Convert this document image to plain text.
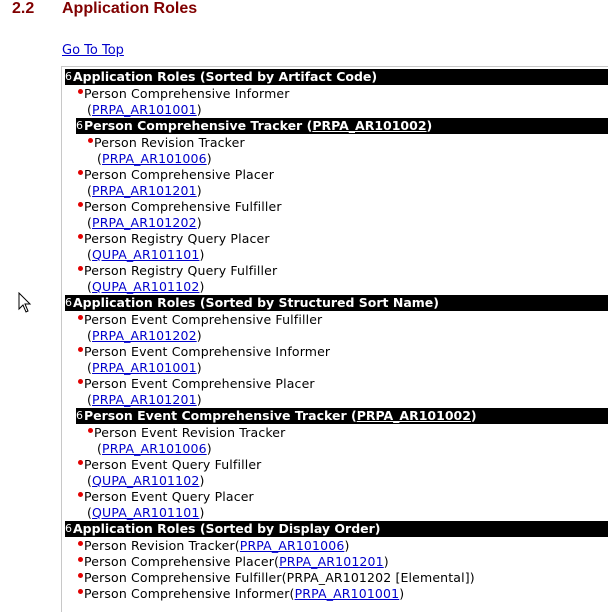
2.2 Application Roles
Go To Top
6Application Roles (Sorted by Artifact Code)
Person Comprehensive Informer
(PRPA_AR101001)
6Person Comprehensive Tracker (PRPA_AR101002)
Person Revision Tracker
(PRPA_AR101006)
Person Comprehensive Placer
(PRPA_AR101201)
Person Comprehensive Fulfiller
(PRPA_AR101202)
Person Registry Query Placer
(QUPA_AR101101)
Person Registry Query Fulfiller
(QUPA_AR101102)
6Application Roles (Sorted by Structured Sort Name)
Person Event Comprehensive Fulfiller
(PRPA_AR101202)
Person Event Comprehensive Informer
(PRPA_AR101001)
Person Event Comprehensive Placer
(PRPA_AR101201)
6Person Event Comprehensive Tracker (PRPA_AR101002)
Person Event Revision Tracker
(PRPA_AR101006)
Person Event Query Fulfiller
(QUPA_AR101102)
Person Event Query Placer
(QUPA_AR101101)
6Application Roles (Sorted by Display Order)
Person Revision Tracker(PRPA_AR101006)
Person Comprehensive Placer(PRPA_AR101201)
Person Comprehensive Fulfiller(PRPA_AR101202 [Elemental])
Person Comprehensive Informer(PRPA_AR101001)
